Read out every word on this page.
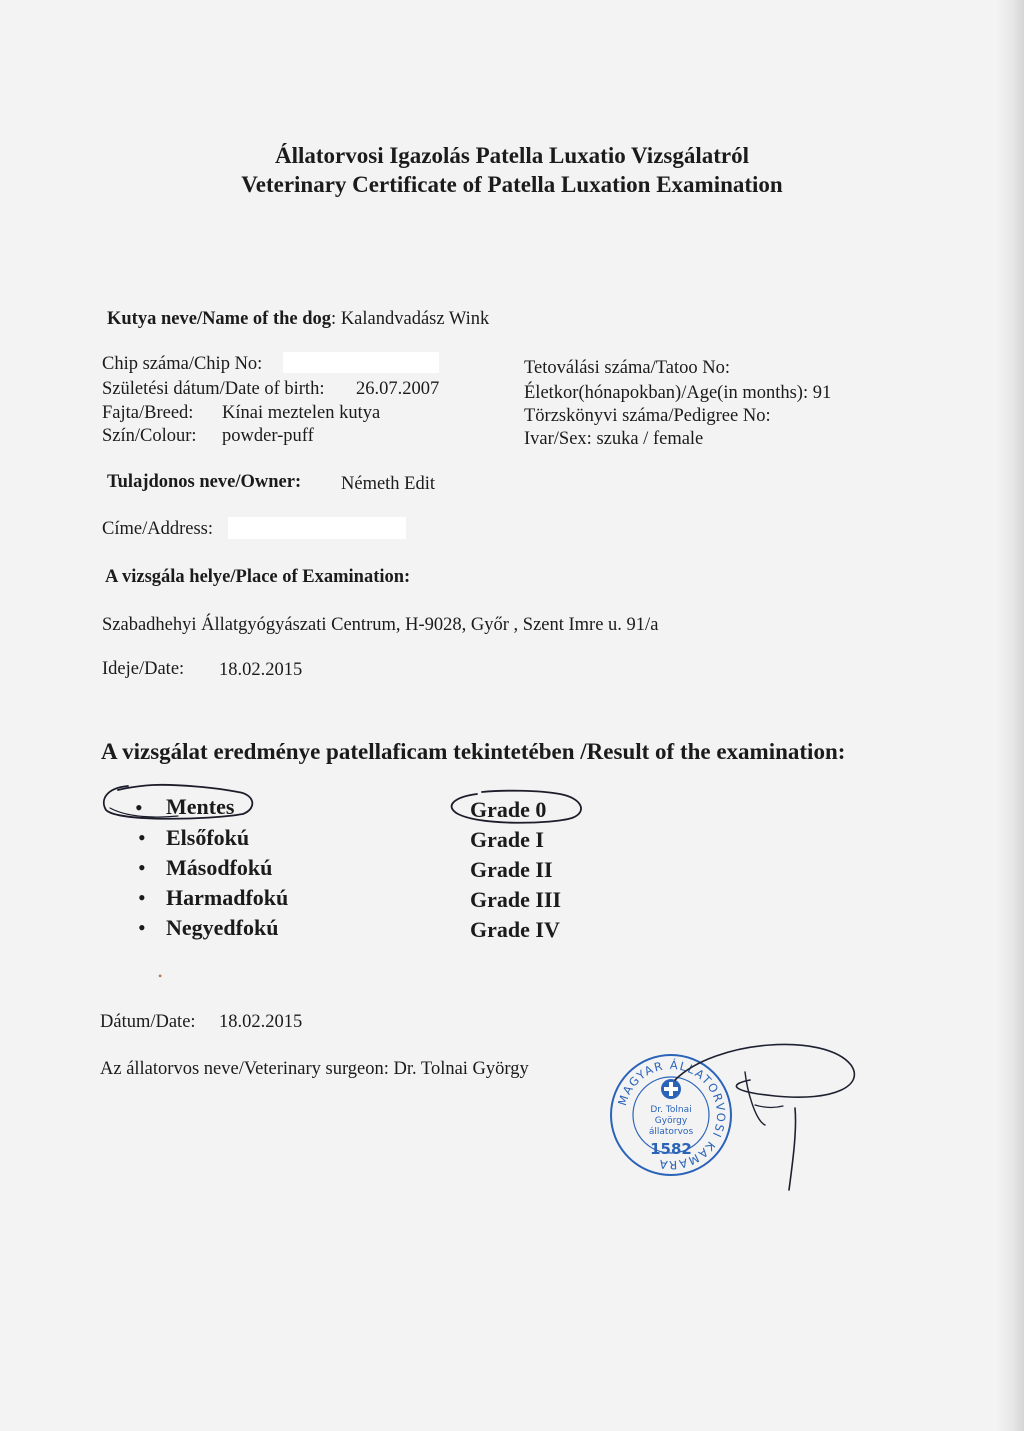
Állatorvosi Igazolás Patella Luxatio Vizsgálatról
Veterinary Certificate of Patella Luxation Examination
Kutya neve/Name of the dog: Kalandvadász Wink
Chip száma/Chip No:
Születési dátum/Date of birth: 26.07.2007
Fajta/Breed: Kínai meztelen kutya
Szín/Colour: powder-puff
Tetoválási száma/Tatoo No:
Életkor(hónapokban)/Age(in months): 91
Törzskönyvi száma/Pedigree No:
Ivar/Sex: szuka / female
Tulajdonos neve/Owner: Németh Edit
Címe/Address:
A vizsgála helye/Place of Examination:
Szabadhehyi Állatgyógyászati Centrum, H-9028, Győr , Szent Imre u. 91/a
Ideje/Date: 18.02.2015
A vizsgálat eredménye patellaficam tekintetében /Result of the examination:
• Mentes	Grade 0
• Elsőfokú	Grade I
• Másodfokú	Grade II
• Harmadfokú	Grade III
• Negyedfokú	Grade IV
•
Dátum/Date: 18.02.2015
Az állatorvos neve/Veterinary surgeon: Dr. Tolnai György
MAGYAR ÁLLATORVOSI KAMARA
Dr. Tolnai
György
állatorvos
1582
